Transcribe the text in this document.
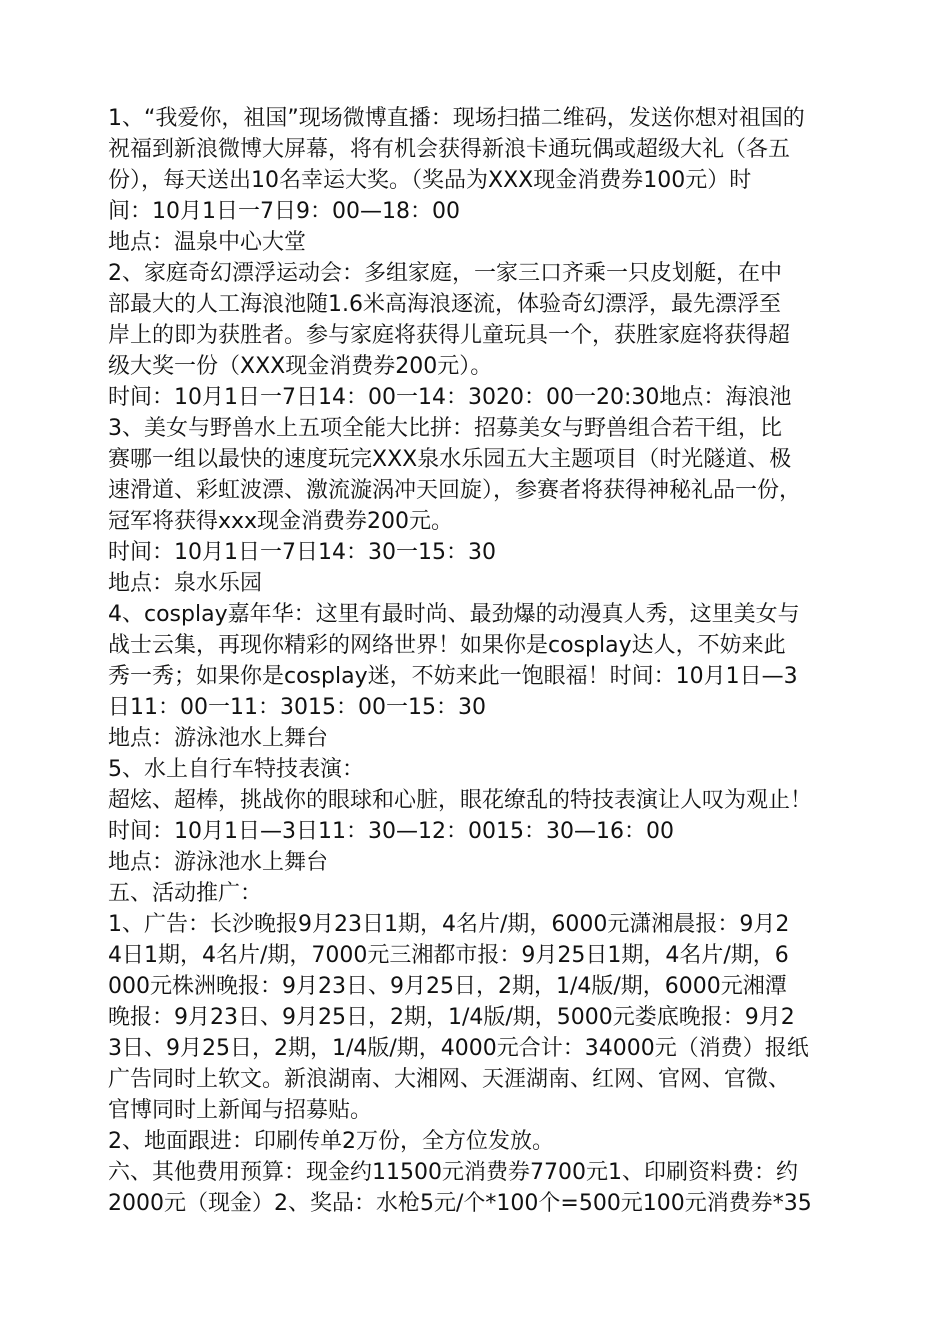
1、“我爱你，祖国”现场微博直播：现场扫描二维码，发送你想对祖国的
祝福到新浪微博大屏幕，将有机会获得新浪卡通玩偶或超级大礼（各五
份），每天送出10名幸运大奖。（奖品为XXX现金消费券100元）时
间：10月1日一7日9：00—18：00
地点：温泉中心大堂
2、家庭奇幻漂浮运动会：多组家庭，一家三口齐乘一只皮划艇，在中
部最大的人工海浪池随1.6米高海浪逐流，体验奇幻漂浮，最先漂浮至
岸上的即为获胜者。参与家庭将获得儿童玩具一个，获胜家庭将获得超
级大奖一份（XXX现金消费券200元）。
时间：10月1日一7日14：00一14：3020：00一20:30地点：海浪池
3、美女与野兽水上五项全能大比拼：招募美女与野兽组合若干组，比
赛哪一组以最快的速度玩完XXX泉水乐园五大主题项目（时光隧道、极
速滑道、彩虹波漂、激流漩涡冲天回旋），参赛者将获得神秘礼品一份，
冠军将获得xxx现金消费券200元。
时间：10月1日一7日14：30一15：30
地点：泉水乐园
4、cosplay嘉年华：这里有最时尚、最劲爆的动漫真人秀，这里美女与
战士云集，再现你精彩的网络世界！如果你是cosplay达人，不妨来此
秀一秀；如果你是cosplay迷，不妨来此一饱眼福！时间：10月1日—3
日11：00一11：3015：00一15：30
地点：游泳池水上舞台
5、水上自行车特技表演：
超炫、超棒，挑战你的眼球和心脏，眼花缭乱的特技表演让人叹为观止！
时间：10月1日—3日11：30—12：0015：30—16：00
地点：游泳池水上舞台
五、活动推广：
1、广告：长沙晚报9月23日1期，4名片/期，6000元潇湘晨报：9月2
4日1期，4名片/期，7000元三湘都市报：9月25日1期，4名片/期，6
000元株洲晚报：9月23日、9月25日，2期，1/4版/期，6000元湘潭
晚报：9月23日、9月25日，2期，1/4版/期，5000元娄底晚报：9月2
3日、9月25日，2期，1/4版/期，4000元合计：34000元（消费）报纸
广告同时上软文。新浪湖南、大湘网、天涯湖南、红网、官网、官微、
官博同时上新闻与招募贴。
2、地面跟进：印刷传单2万份，全方位发放。
六、其他费用预算：现金约11500元消费券7700元1、印刷资料费：约
2000元（现金）2、奖品：水枪5元/个*100个=500元100元消费券*35
